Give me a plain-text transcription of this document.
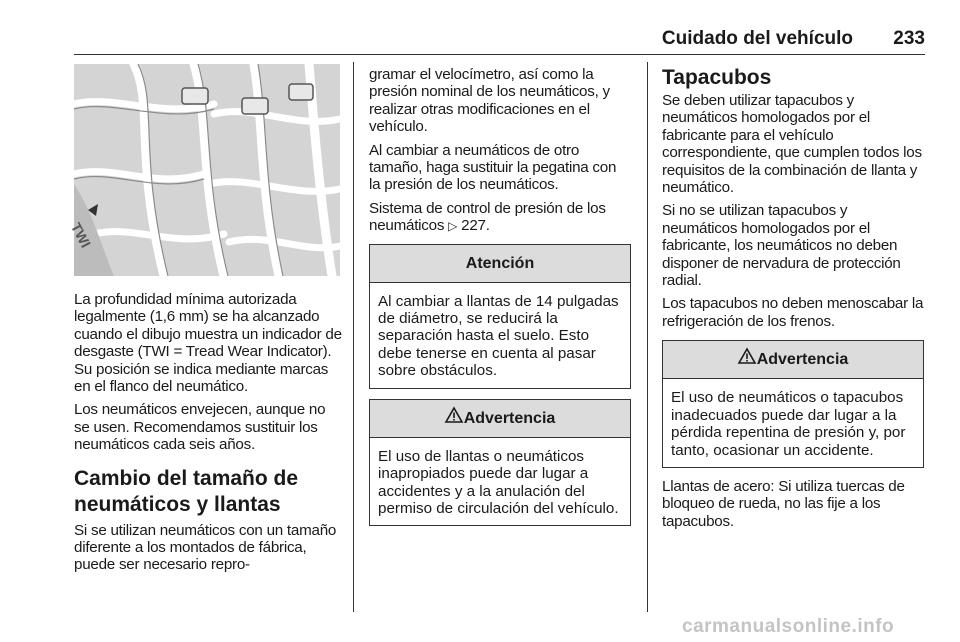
Cuidado del vehículo 233
TWI

La profundidad mínima autorizada legalmente (1,6 mm) se ha alcanzado cuando el dibujo muestra un indicador de desgaste (TWI = Tread Wear Indicator). Su posición se indica mediante marcas en el flanco del neumático.

Los neumáticos envejecen, aunque no se usen. Recomendamos sustituir los neumáticos cada seis años.

Cambio del tamaño de neumáticos y llantas

Si se utilizan neumáticos con un tamaño diferente a los montados de fábrica, puede ser necesario repro-

gramar el velocímetro, así como la presión nominal de los neumáticos, y realizar otras modificaciones en el vehículo.

Al cambiar a neumáticos de otro tamaño, haga sustituir la pegatina con la presión de los neumáticos.

Sistema de control de presión de los neumáticos ▷ 227.

Atención
Al cambiar a llantas de 14 pulgadas de diámetro, se reducirá la separación hasta el suelo. Esto debe tenerse en cuenta al pasar sobre obstáculos.
Advertencia
El uso de llantas o neumáticos inapropiados puede dar lugar a accidentes y a la anulación del permiso de circulación del vehículo.
Tapacubos

Se deben utilizar tapacubos y neumáticos homologados por el fabricante para el vehículo correspondiente, que cumplen todos los requisitos de la combinación de llanta y neumático.

Si no se utilizan tapacubos y neumáticos homologados por el fabricante, los neumáticos no deben disponer de nervadura de protección radial.

Los tapacubos no deben menoscabar la refrigeración de los frenos.

Advertencia
El uso de neumáticos o tapacubos inadecuados puede dar lugar a la pérdida repentina de presión y, por tanto, ocasionar un accidente.

Llantas de acero: Si utiliza tuercas de bloqueo de rueda, no las fije a los tapacubos.

carmanualsonline.info
